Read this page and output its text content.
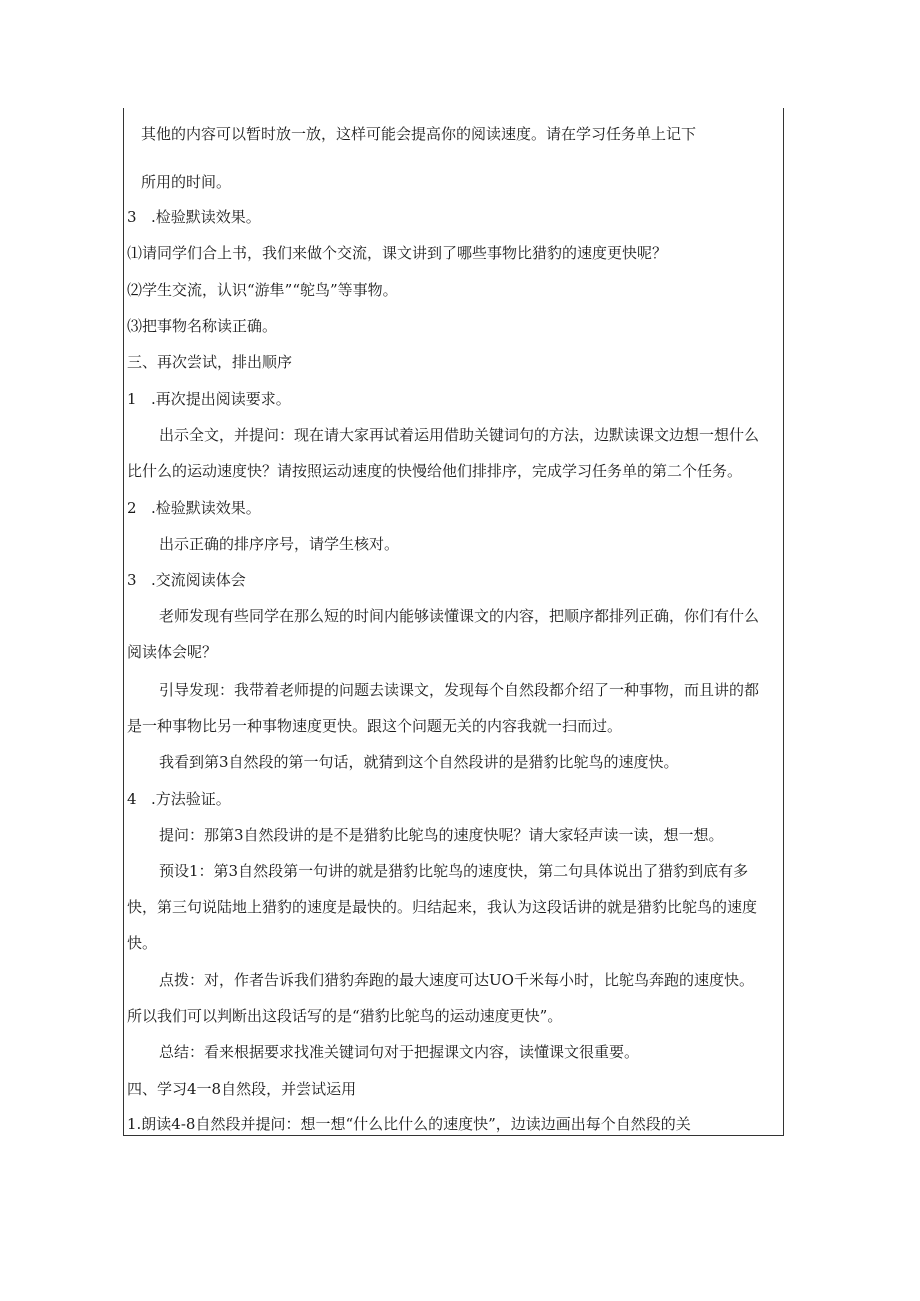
其他的内容可以暂时放一放，这样可能会提高你的阅读速度。请在学习任务单上记下
所用的时间。
3 .检验默读效果。
⑴请同学们合上书，我们来做个交流，课文讲到了哪些事物比猎豹的速度更快呢？
⑵学生交流，认识“游隼”“鸵鸟”等事物。
⑶把事物名称读正确。
三、再次尝试，排出顺序
1 .再次提出阅读要求。
出示全文，并提问：现在请大家再试着运用借助关键词句的方法，边默读课文边想一想什么
比什么的运动速度快？请按照运动速度的快慢给他们排排序，完成学习任务单的第二个任务。
2 .检验默读效果。
出示正确的排序序号，请学生核对。
3 .交流阅读体会
老师发现有些同学在那么短的时间内能够读懂课文的内容，把顺序都排列正确，你们有什么
阅读体会呢？
引导发现：我带着老师提的问题去读课文，发现每个自然段都介绍了一种事物，而且讲的都
是一种事物比另一种事物速度更快。跟这个问题无关的内容我就一扫而过。
我看到第3自然段的第一句话，就猜到这个自然段讲的是猎豹比鸵鸟的速度快。
4 .方法验证。
提问：那第3自然段讲的是不是猎豹比鸵鸟的速度快呢？请大家轻声读一读，想一想。
预设1：第3自然段第一句讲的就是猎豹比鸵鸟的速度快，第二句具体说出了猎豹到底有多
快，第三句说陆地上猎豹的速度是最快的。归结起来，我认为这段话讲的就是猎豹比鸵鸟的速度
快。
点拨：对，作者告诉我们猎豹奔跑的最大速度可达UO千米每小时，比鸵鸟奔跑的速度快。
所以我们可以判断出这段话写的是“猎豹比鸵鸟的运动速度更快”。
总结：看来根据要求找准关键词句对于把握课文内容，读懂课文很重要。
四、学习4一8自然段，并尝试运用
1.朗读4-8自然段并提问：想一想“什么比什么的速度快”，边读边画出每个自然段的关
